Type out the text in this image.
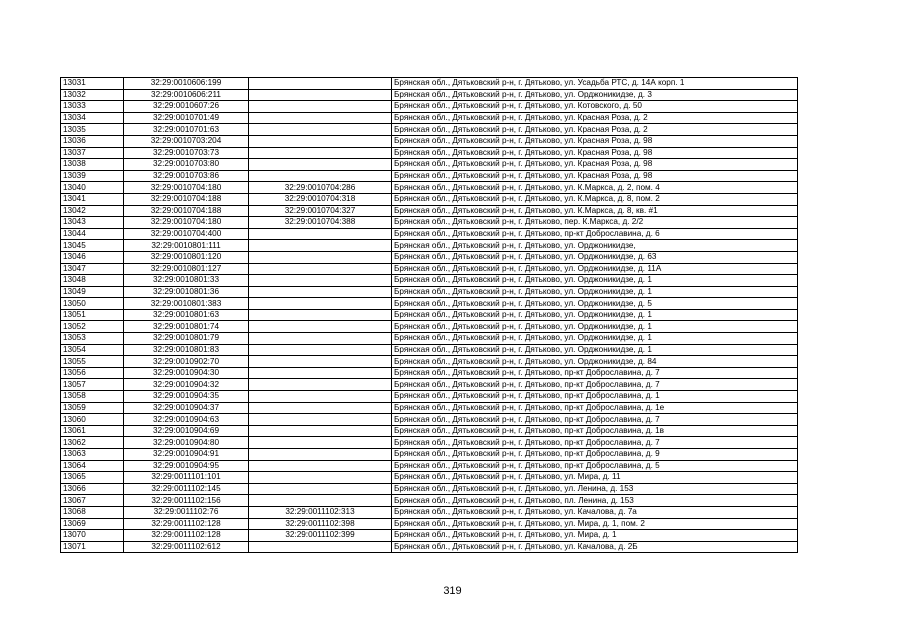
13031	32:29:0010606:199		Брянская обл., Дятьковский р-н, г. Дятьково, ул. Усадьба РТС, д. 14А корп. 1
13032	32:29:0010606:211		Брянская обл., Дятьковский р-н, г. Дятьково, ул. Орджоникидзе, д. 3
13033	32:29:0010607:26		Брянская обл., Дятьковский р-н, г. Дятьково, ул. Котовского, д. 50
13034	32:29:0010701:49		Брянская обл., Дятьковский р-н, г. Дятьково, ул. Красная Роза, д. 2
13035	32:29:0010701:63		Брянская обл., Дятьковский р-н, г. Дятьково, ул. Красная Роза, д. 2
13036	32:29:0010703:204		Брянская обл., Дятьковский р-н, г. Дятьково, ул. Красная Роза, д. 98
13037	32:29:0010703:73		Брянская обл., Дятьковский р-н, г. Дятьково, ул. Красная Роза, д. 98
13038	32:29:0010703:80		Брянская обл., Дятьковский р-н, г. Дятьково, ул. Красная Роза, д. 98
13039	32:29:0010703:86		Брянская обл., Дятьковский р-н, г. Дятьково, ул. Красная Роза, д. 98
13040	32:29:0010704:180	32:29:0010704:286	Брянская обл., Дятьковский р-н, г. Дятьково, ул. К.Маркса, д. 2, пом. 4
13041	32:29:0010704:188	32:29:0010704:318	Брянская обл., Дятьковский р-н, г. Дятьково, ул. К.Маркса, д. 8, пом. 2
13042	32:29:0010704:188	32:29:0010704:327	Брянская обл., Дятьковский р-н, г. Дятьково, ул. К.Маркса, д. 8, кв. #1
13043	32:29:0010704:180	32:29:0010704:388	Брянская обл., Дятьковский р-н, г. Дятьково, пер. К.Маркса, д. 2/2
13044	32:29:0010704:400		Брянская обл., Дятьковский р-н, г. Дятьково, пр-кт Доброславина, д. 6
13045	32:29:0010801:111		Брянская обл., Дятьковский р-н, г. Дятьково, ул. Орджоникидзе,
13046	32:29:0010801:120		Брянская обл., Дятьковский р-н, г. Дятьково, ул. Орджоникидзе, д. 63
13047	32:29:0010801:127		Брянская обл., Дятьковский р-н, г. Дятьково, ул. Орджоникидзе, д. 11А
13048	32:29:0010801:33		Брянская обл., Дятьковский р-н, г. Дятьково, ул. Орджоникидзе, д. 1
13049	32:29:0010801:36		Брянская обл., Дятьковский р-н, г. Дятьково, ул. Орджоникидзе, д. 1
13050	32:29:0010801:383		Брянская обл., Дятьковский р-н, г. Дятьково, ул. Орджоникидзе, д. 5
13051	32:29:0010801:63		Брянская обл., Дятьковский р-н, г. Дятьково, ул. Орджоникидзе, д. 1
13052	32:29:0010801:74		Брянская обл., Дятьковский р-н, г. Дятьково, ул. Орджоникидзе, д. 1
13053	32:29:0010801:79		Брянская обл., Дятьковский р-н, г. Дятьково, ул. Орджоникидзе, д. 1
13054	32:29:0010801:83		Брянская обл., Дятьковский р-н, г. Дятьково, ул. Орджоникидзе, д. 1
13055	32:29:0010902:70		Брянская обл., Дятьковский р-н, г. Дятьково, ул. Орджоникидзе, д. 84
13056	32:29:0010904:30		Брянская обл., Дятьковский р-н, г. Дятьково, пр-кт Доброславина, д. 7
13057	32:29:0010904:32		Брянская обл., Дятьковский р-н, г. Дятьково, пр-кт Доброславина, д. 7
13058	32:29:0010904:35		Брянская обл., Дятьковский р-н, г. Дятьково, пр-кт Доброславина, д. 1
13059	32:29:0010904:37		Брянская обл., Дятьковский р-н, г. Дятьково, пр-кт Доброславина, д. 1е
13060	32:29:0010904:63		Брянская обл., Дятьковский р-н, г. Дятьково, пр-кт Доброславина, д. 7
13061	32:29:0010904:69		Брянская обл., Дятьковский р-н, г. Дятьково, пр-кт Доброславина, д. 1в
13062	32:29:0010904:80		Брянская обл., Дятьковский р-н, г. Дятьково, пр-кт Доброславина, д. 7
13063	32:29:0010904:91		Брянская обл., Дятьковский р-н, г. Дятьково, пр-кт Доброславина, д. 9
13064	32:29:0010904:95		Брянская обл., Дятьковский р-н, г. Дятьково, пр-кт Доброславина, д. 5
13065	32:29:0011101:101		Брянская обл., Дятьковский р-н, г. Дятьково, ул. Мира, д. 11
13066	32:29:0011102:145		Брянская обл., Дятьковский р-н, г. Дятьково, ул. Ленина, д. 153
13067	32:29:0011102:156		Брянская обл., Дятьковский р-н, г. Дятьково, пл. Ленина, д. 153
13068	32:29:0011102:76	32:29:0011102:313	Брянская обл., Дятьковский р-н, г. Дятьково, ул. Качалова, д. 7а
13069	32:29:0011102:128	32:29:0011102:398	Брянская обл., Дятьковский р-н, г. Дятьково, ул. Мира, д. 1, пом. 2
13070	32:29:0011102:128	32:29:0011102:399	Брянская обл., Дятьковский р-н, г. Дятьково, ул. Мира, д. 1
13071	32:29:0011102:612		Брянская обл., Дятьковский р-н, г. Дятьково, ул. Качалова, д. 2Б
319
